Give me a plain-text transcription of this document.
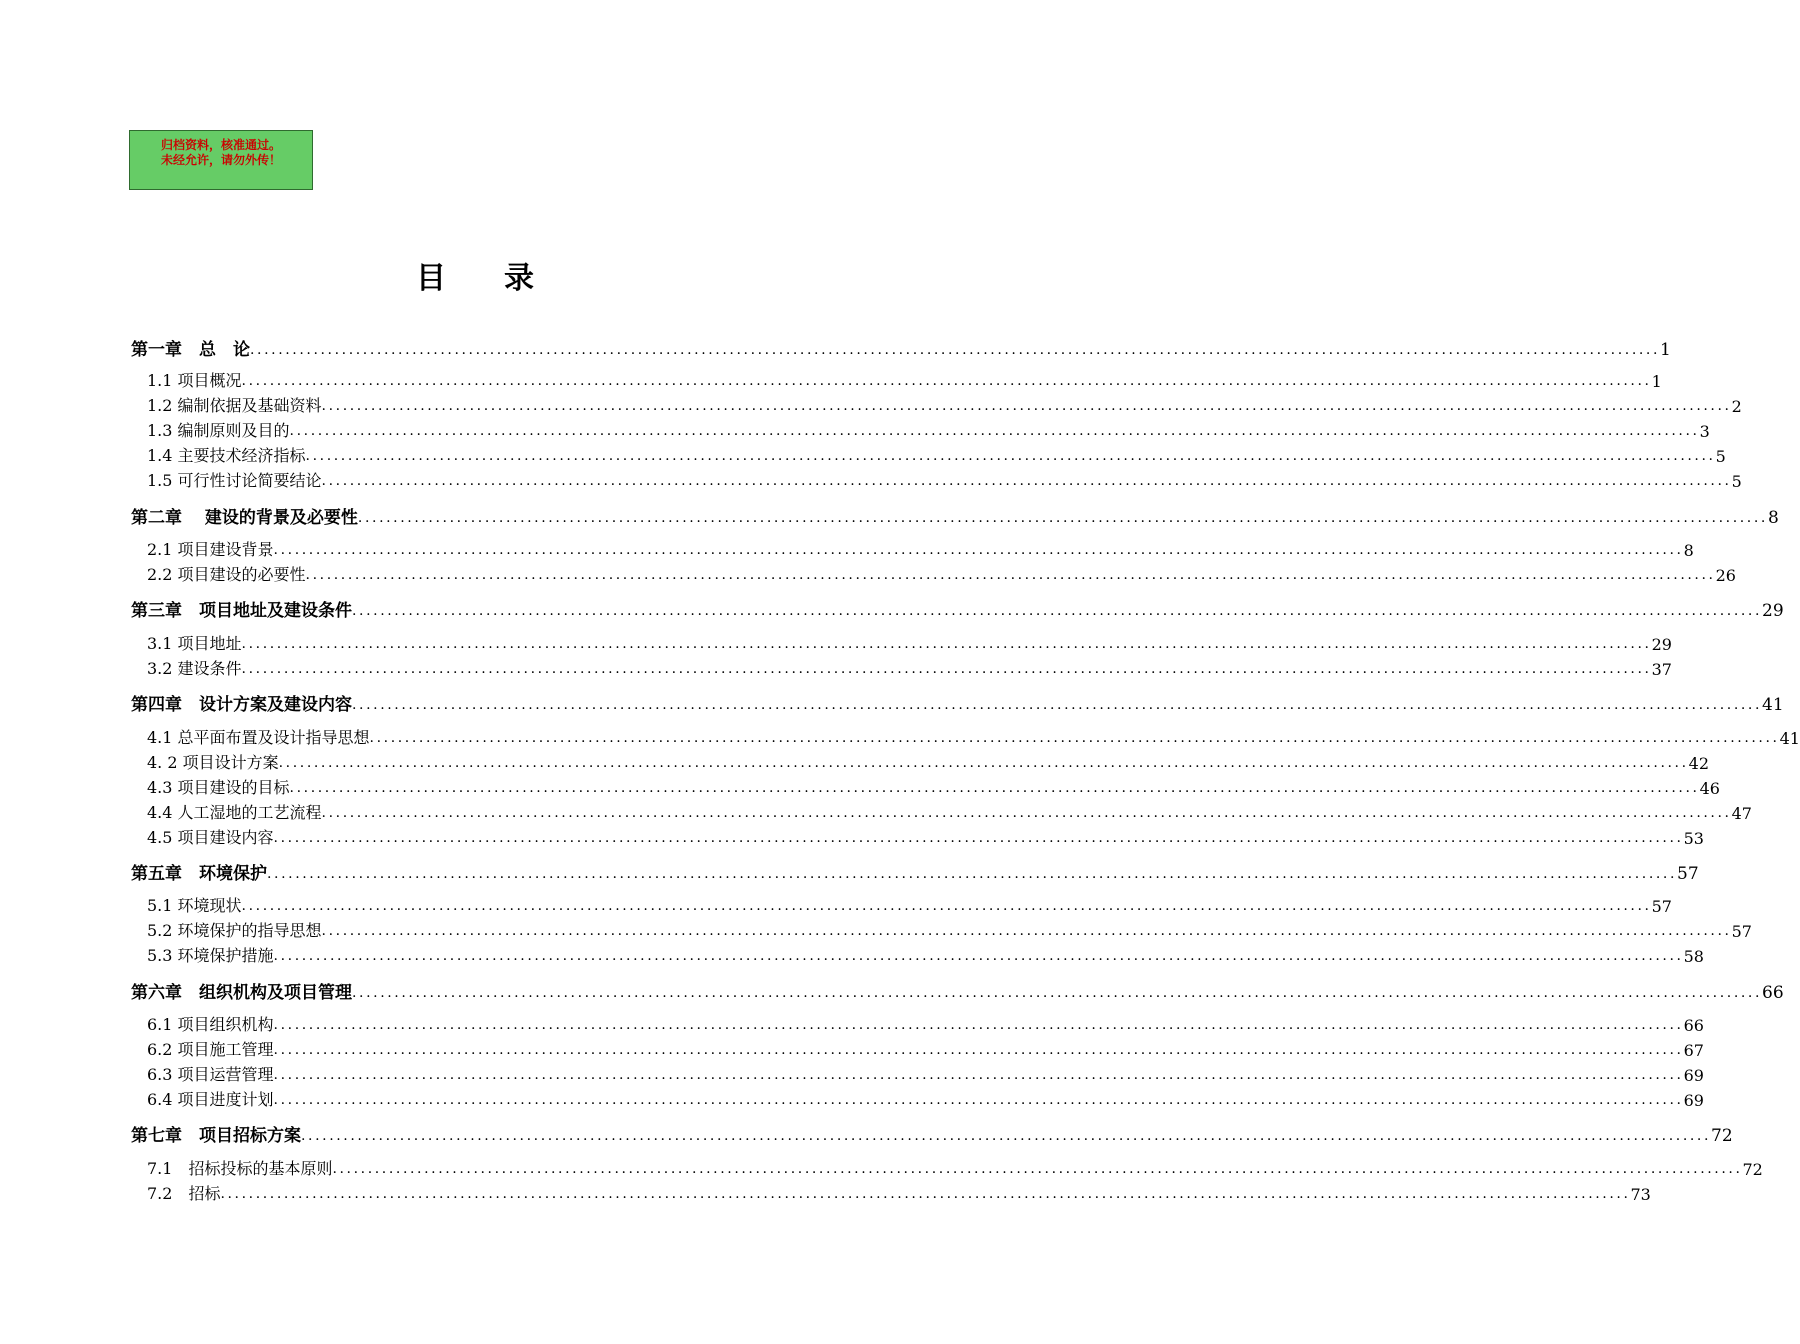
归档资料，核准通过。
未经允许，请勿外传！
目录
第一章　总　论 ........................................................................................................................................................................................................ 1
1.1 项目概况 ........................................................................................................................................................................................................ 1
1.2 编制依据及基础资料 ........................................................................................................................................................................................................ 2
1.3 编制原则及目的 ........................................................................................................................................................................................................ 3
1.4 主要技术经济指标 ........................................................................................................................................................................................................ 5
1.5 可行性讨论简要结论 ........................................................................................................................................................................................................ 5
第二章　 建设的背景及必要性 ........................................................................................................................................................................................................ 8
2.1 项目建设背景 ........................................................................................................................................................................................................ 8
2.2 项目建设的必要性 ........................................................................................................................................................................................................ 26
第三章　项目地址及建设条件 ........................................................................................................................................................................................................ 29
3.1 项目地址 ........................................................................................................................................................................................................ 29
3.2 建设条件 ........................................................................................................................................................................................................ 37
第四章　设计方案及建设内容 ........................................................................................................................................................................................................ 41
4.1 总平面布置及设计指导思想 ........................................................................................................................................................................................................ 41
4. 2 项目设计方案 ........................................................................................................................................................................................................ 42
4.3 项目建设的目标 ........................................................................................................................................................................................................ 46
4.4 人工湿地的工艺流程 ........................................................................................................................................................................................................ 47
4.5 项目建设内容 ........................................................................................................................................................................................................ 53
第五章　环境保护 ........................................................................................................................................................................................................ 57
5.1 环境现状 ........................................................................................................................................................................................................ 57
5.2 环境保护的指导思想 ........................................................................................................................................................................................................ 57
5.3 环境保护措施 ........................................................................................................................................................................................................ 58
第六章　组织机构及项目管理 ........................................................................................................................................................................................................ 66
6.1 项目组织机构 ........................................................................................................................................................................................................ 66
6.2 项目施工管理 ........................................................................................................................................................................................................ 67
6.3 项目运营管理 ........................................................................................................................................................................................................ 69
6.4 项目进度计划 ........................................................................................................................................................................................................ 69
第七章　项目招标方案 ........................................................................................................................................................................................................ 72
7.1　招标投标的基本原则 ........................................................................................................................................................................................................ 72
7.2　招标 ........................................................................................................................................................................................................ 73
